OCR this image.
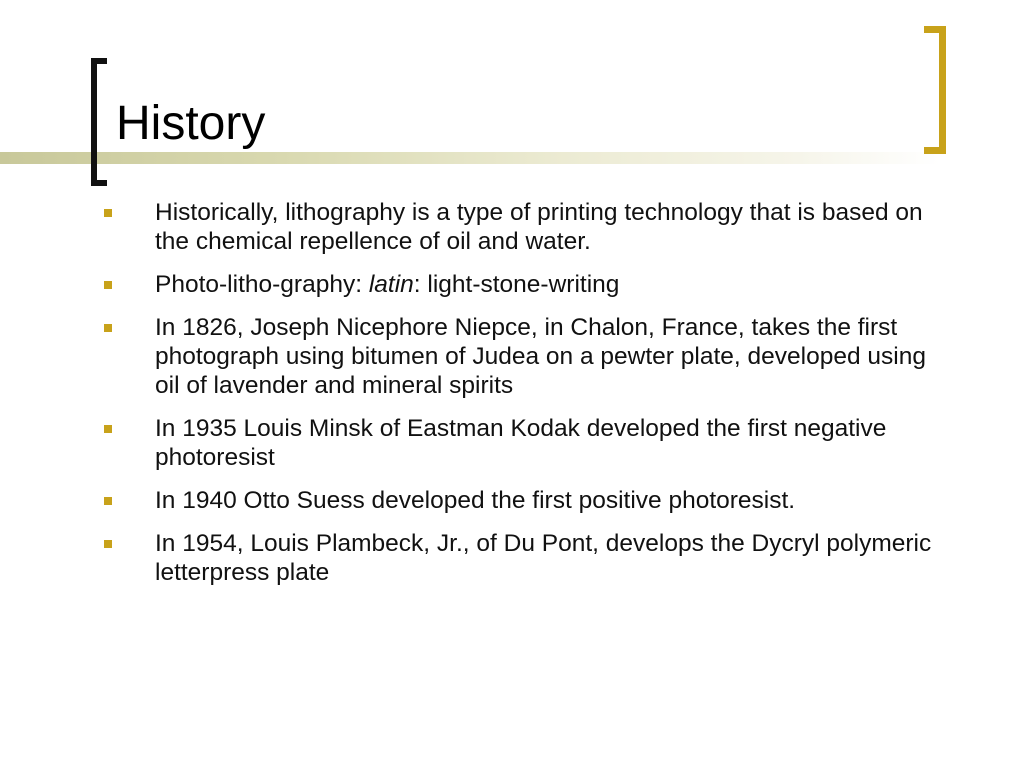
History
Historically, lithography is a type of printing technology that is based on the chemical repellence of oil and water.
Photo-litho-graphy: latin: light-stone-writing
In 1826, Joseph Nicephore Niepce, in Chalon, France, takes the first photograph using bitumen of Judea on a pewter plate, developed using oil of lavender and mineral spirits
In 1935 Louis Minsk of Eastman Kodak developed the first negative photoresist
In 1940 Otto Suess developed the first positive photoresist.
In 1954, Louis Plambeck, Jr., of Du Pont, develops the Dycryl polymeric letterpress plate
